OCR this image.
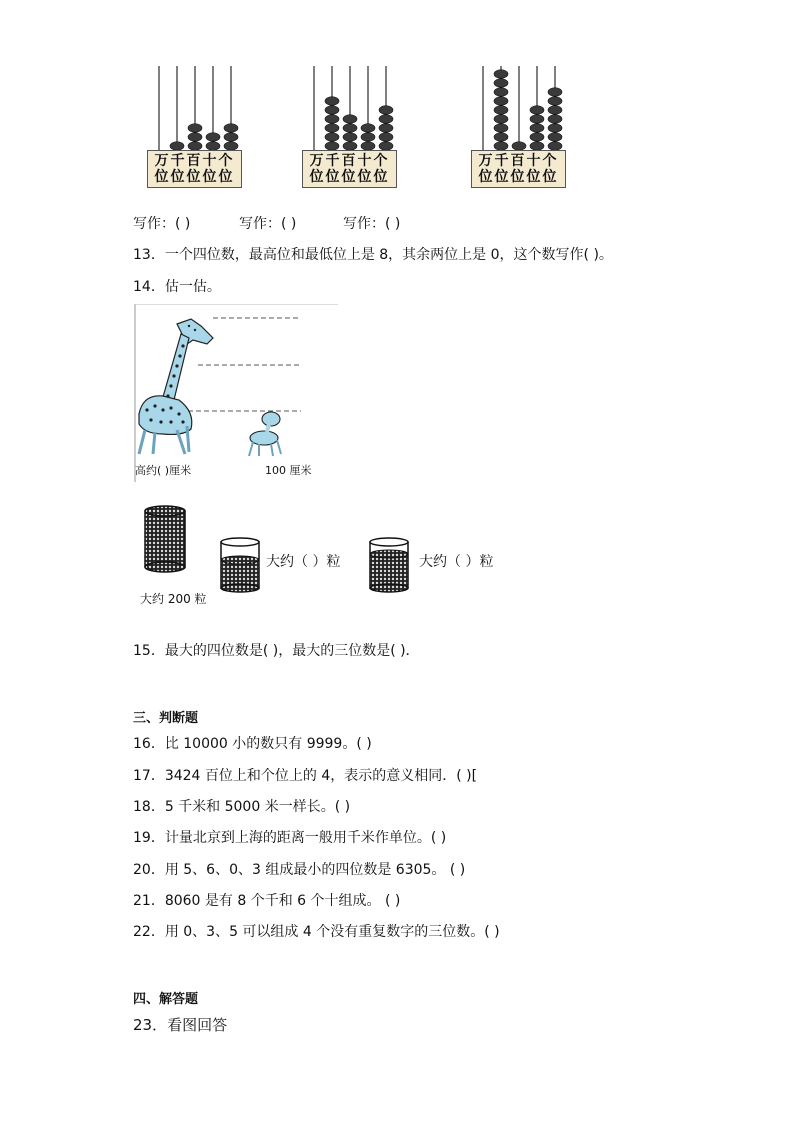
万千百十个
位位位位位
万千百十个
位位位位位
万千百十个
位位位位位
写作：( )	写作：( )	写作：( )
13．一个四位数，最高位和最低位上是 8，其余两位上是 0，这个数写作( )。
14．估一估。
高约( )厘米	100 厘米
大约 200 粒
大约（ ）粒	大约（ ）粒
15．最大的四位数是( )，最大的三位数是( )．
三、判断题
16．比 10000 小的数只有 9999。( )
17．3424 百位上和个位上的 4，表示的意义相同．( )[
18．5 千米和 5000 米一样长。( )
19．计量北京到上海的距离一般用千米作单位。( )
20．用 5、6、0、3 组成最小的四位数是 6305。 ( )
21．8060 是有 8 个千和 6 个十组成。 ( )
22．用 0、3、5 可以组成 4 个没有重复数字的三位数。( )
四、解答题
23．看图回答
